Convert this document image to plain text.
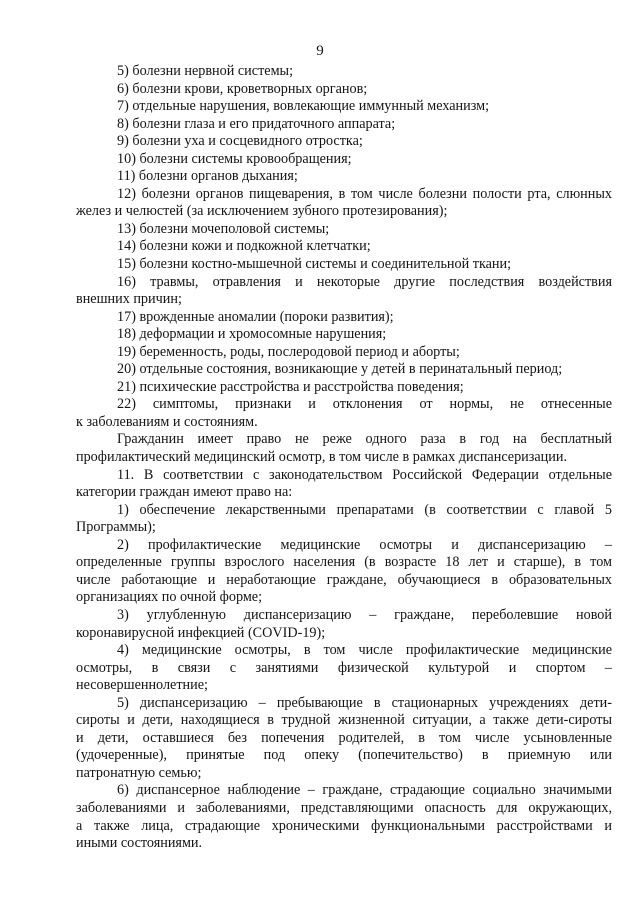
9

5) болезни нервной системы;

6) болезни крови, кроветворных органов;

7) отдельные нарушения, вовлекающие иммунный механизм;

8) болезни глаза и его придаточного аппарата;

9) болезни уха и сосцевидного отростка;

10) болезни системы кровообращения;

11) болезни органов дыхания;

12) болезни органов пищеварения, в том числе болезни полости рта, слюнных
желез и челюстей (за исключением зубного протезирования);

13) болезни мочеполовой системы;

14) болезни кожи и подкожной клетчатки;

15) болезни костно-мышечной системы и соединительной ткани;

16) травмы, отравления и некоторые другие последствия воздействия
внешних причин;

17) врожденные аномалии (пороки развития);

18) деформации и хромосомные нарушения;

19) беременность, роды, послеродовой период и аборты;

20) отдельные состояния, возникающие у детей в перинатальный период;

21) психические расстройства и расстройства поведения;

22) симптомы, признаки и отклонения от нормы, не отнесенные
к заболеваниям и состояниям.

Гражданин имеет право не реже одного раза в год на бесплатный
профилактический медицинский осмотр, в том числе в рамках диспансеризации.

11. В соответствии с законодательством Российской Федерации отдельные
категории граждан имеют право на:

1) обеспечение лекарственными препаратами (в соответствии с главой 5
Программы);

2) профилактические медицинские осмотры и диспансеризацию –
определенные группы взрослого населения (в возрасте 18 лет и старше), в том
числе работающие и неработающие граждане, обучающиеся в образовательных
организациях по очной форме;

3) углубленную диспансеризацию – граждане, переболевшие новой
коронавирусной инфекцией (COVID-19);

4) медицинские осмотры, в том числе профилактические медицинские
осмотры, в связи с занятиями физической культурой и спортом –
несовершеннолетние;

5) диспансеризацию – пребывающие в стационарных учреждениях дети-
сироты и дети, находящиеся в трудной жизненной ситуации, а также дети-сироты
и дети, оставшиеся без попечения родителей, в том числе усыновленные
(удочеренные), принятые под опеку (попечительство) в приемную или
патронатную семью;

6) диспансерное наблюдение – граждане, страдающие социально значимыми
заболеваниями и заболеваниями, представляющими опасность для окружающих,
а также лица, страдающие хроническими функциональными расстройствами и
иными состояниями.
